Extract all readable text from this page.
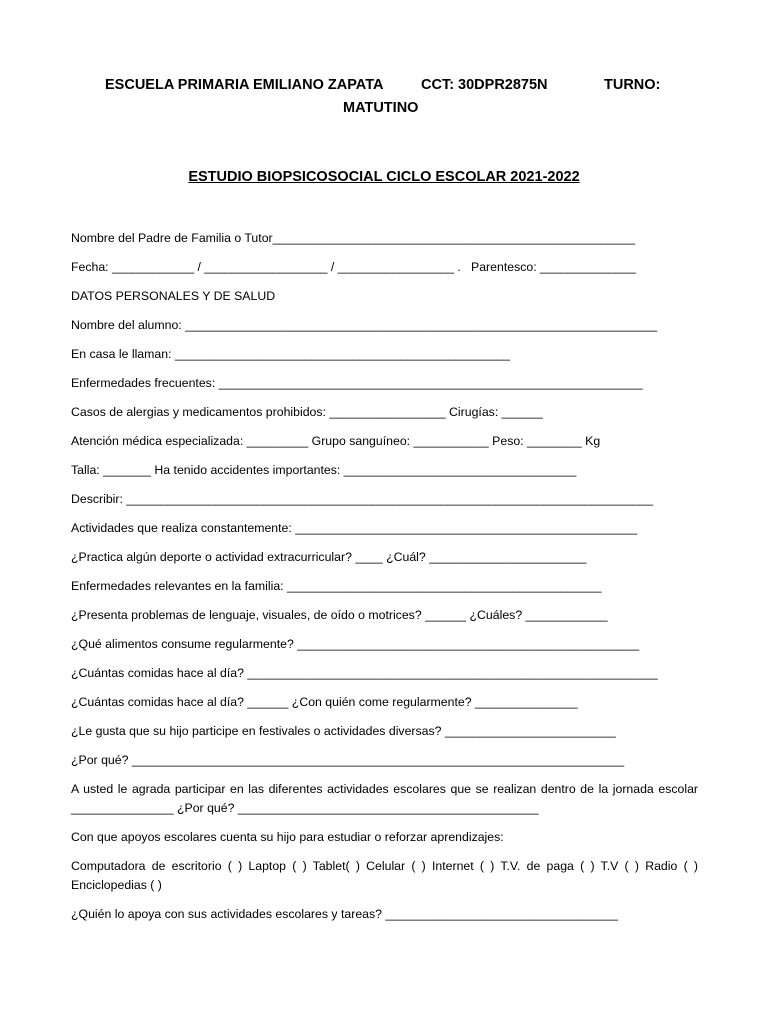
ESCUELA PRIMARIA EMILIANO ZAPATA	CCT: 30DPR2875N	TURNO:
MATUTINO
ESTUDIO BIOPSICOSOCIAL CICLO ESCOLAR 2021-2022
Nombre del Padre de Familia o Tutor_____________________________________________________
Fecha: ____________ / __________________ / _________________ .   Parentesco: ______________
DATOS PERSONALES Y DE SALUD
Nombre del alumno: _____________________________________________________________________
En casa le llaman: _________________________________________________
Enfermedades frecuentes: ______________________________________________________________
Casos de alergias y medicamentos prohibidos: _________________ Cirugías: ______
Atención médica especializada: _________ Grupo sanguíneo: ___________ Peso: ________ Kg
Talla: _______ Ha tenido accidentes importantes: __________________________________
Describir: _____________________________________________________________________________
Actividades que realiza constantemente: __________________________________________________
¿Practica algún deporte o actividad extracurricular? ____ ¿Cuál? _______________________
Enfermedades relevantes en la familia: ______________________________________________
¿Presenta problemas de lenguaje, visuales, de oído o motrices? ______ ¿Cuáles? ____________
¿Qué alimentos consume regularmente? __________________________________________________
¿Cuántas comidas hace al día? ____________________________________________________________
¿Cuántas comidas hace al día? ______ ¿Con quién come regularmente? _______________
¿Le gusta que su hijo participe en festivales o actividades diversas? _________________________
¿Por qué? ________________________________________________________________________
A usted le agrada participar en las diferentes actividades escolares que se realizan dentro de la jornada escolar
_______________ ¿Por qué? ____________________________________________
Con que apoyos escolares cuenta su hijo para estudiar o reforzar aprendizajes:
Computadora de escritorio ( ) Laptop ( ) Tablet( ) Celular ( ) Internet ( ) T.V. de paga ( ) T.V ( ) Radio ( )
Enciclopedias ( )
¿Quién lo apoya con sus actividades escolares y tareas? __________________________________
